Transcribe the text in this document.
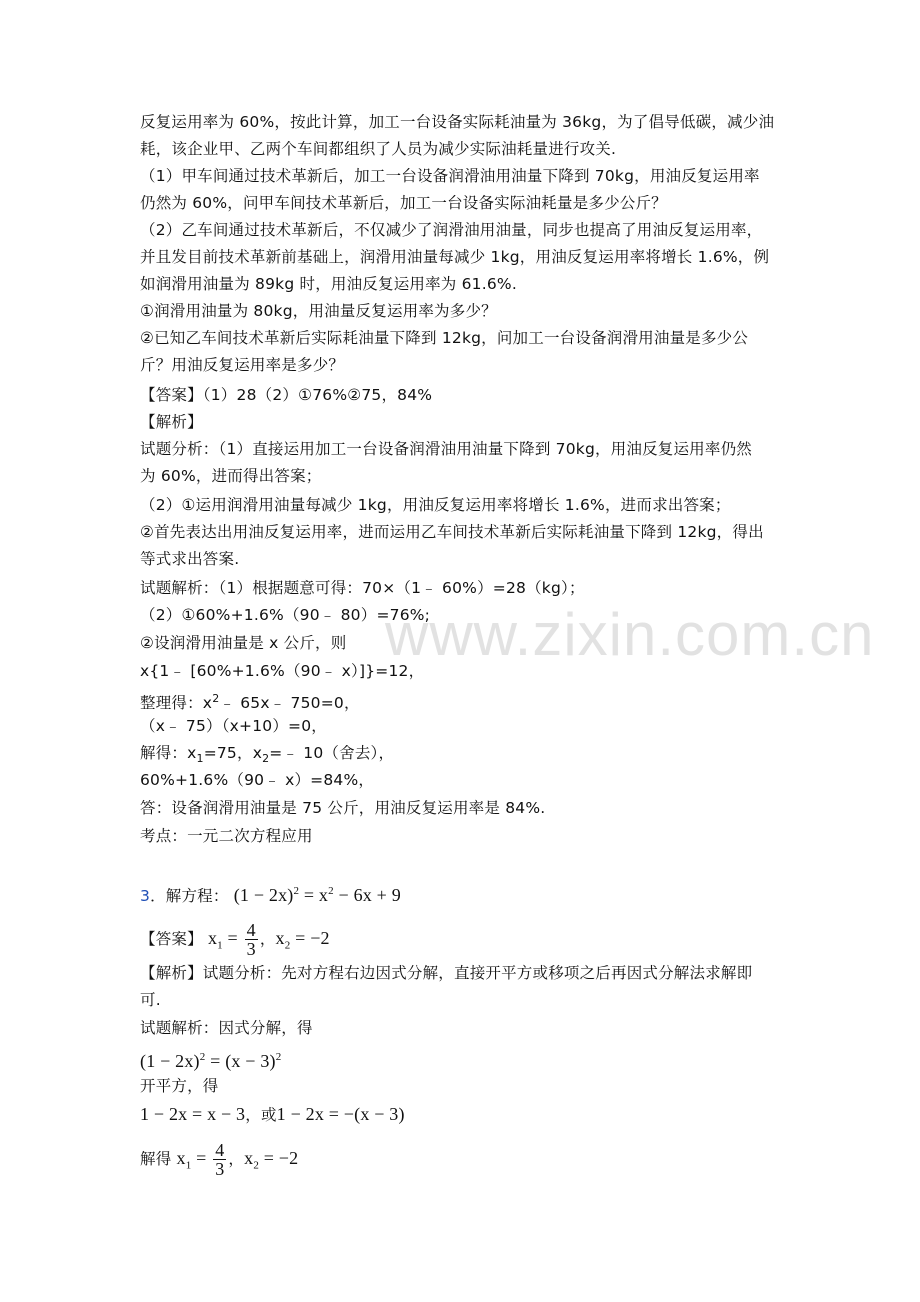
www.zixin.com.cn
反复运用率为 60%，按此计算，加工一台设备实际耗油量为 36kg，为了倡导低碳，减少油
耗，该企业甲、乙两个车间都组织了人员为减少实际油耗量进行攻关.
（1）甲车间通过技术革新后，加工一台设备润滑油用油量下降到 70kg，用油反复运用率
仍然为 60%，问甲车间技术革新后，加工一台设备实际油耗量是多少公斤？
（2）乙车间通过技术革新后，不仅减少了润滑油用油量，同步也提高了用油反复运用率，
并且发目前技术革新前基础上，润滑用油量每减少 1kg，用油反复运用率将增长 1.6%，例
如润滑用油量为 89kg 时，用油反复运用率为 61.6%.
①润滑用油量为 80kg，用油量反复运用率为多少？
②已知乙车间技术革新后实际耗油量下降到 12kg，问加工一台设备润滑用油量是多少公
斤？用油反复运用率是多少？
【答案】（1）28（2）①76%②75，84%
【解析】
试题分析：（1）直接运用加工一台设备润滑油用油量下降到 70kg，用油反复运用率仍然
为 60%，进而得出答案；
（2）①运用润滑用油量每减少 1kg，用油反复运用率将增长 1.6%，进而求出答案；
②首先表达出用油反复运用率，进而运用乙车间技术革新后实际耗油量下降到 12kg，得出
等式求出答案.
试题解析：（1）根据题意可得：70×（1﹣ 60%）=28（kg）；
（2）①60%+1.6%（90﹣ 80）=76%;
②设润滑用油量是 x 公斤，则
x{1﹣ [60%+1.6%（90﹣ x）]}=12，
整理得：$x^2﹣$ 65x﹣ 750=0，
（x﹣ 75）（x+10）=0，
解得：$x_1=75$，$x_2=﹣$ 10（舍去），
60%+1.6%（90﹣ x）=84%，
答：设备润滑用油量是 75 公斤，用油反复运用率是 84%.
考点：一元二次方程应用
3．解方程： $(1 - 2x)^2 = x^2 - 6x + 9$
【答案】 $x_1 = \frac{4}{3}$ ，$x_2 = -2$
【解析】试题分析：先对方程右边因式分解，直接开平方或移项之后再因式分解法求解即
可.
试题解析：因式分解，得
$(1 - 2x)^2 = (x - 3)^2$
开平方，得
1 − 2x = x − 3，或1 − 2x = −(x − 3)
解得 $x_1 = \frac{4}{3}$ ，$x_2 = -2$
